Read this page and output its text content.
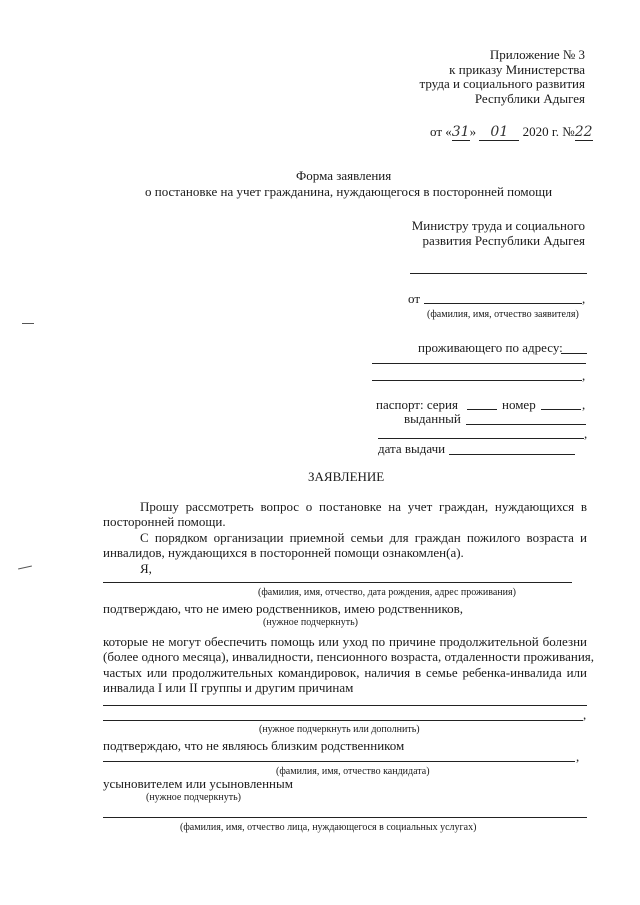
Приложение № 3
к приказу Министерства
труда и социального развития
Республики Адыгея
от «31» 01 2020 г. №22
Форма заявления
о постановке на учет гражданина, нуждающегося в посторонней помощи
Министру труда и социального
развития Республики Адыгея
от	,
(фамилия, имя, отчество заявителя)
проживающего по адресу:
,
паспорт: серия	номер	,
выданный
,
дата выдачи
ЗАЯВЛЕНИЕ
Прошу рассмотреть вопрос о постановке на учет граждан, нуждающихся в
посторонней помощи.
С порядком организации приемной семьи для граждан пожилого возраста и
инвалидов, нуждающихся в посторонней помощи ознакомлен(а).
Я,
(фамилия, имя, отчество, дата рождения, адрес проживания)
подтверждаю, что не имею родственников, имею родственников,
(нужное подчеркнуть)
которые не могут обеспечить помощь или уход по причине продолжительной болезни
(более одного месяца), инвалидности, пенсионного возраста, отдаленности проживания,
частых или продолжительных командировок, наличия в семье ребенка-инвалида или
инвалида I или II группы и другим причинам
,
(нужное подчеркнуть или дополнить)
подтверждаю, что не являюсь близким родственником
,
(фамилия, имя, отчество кандидата)
усыновителем или усыновленным
(нужное подчеркнуть)
(фамилия, имя, отчество лица, нуждающегося в социальных услугах)
